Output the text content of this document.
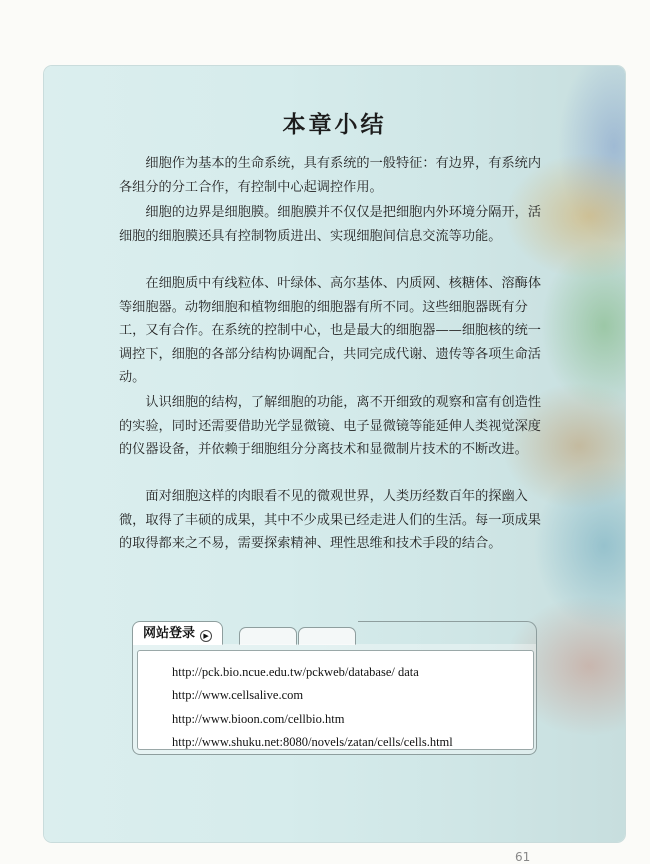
本章小结

细胞作为基本的生命系统，具有系统的一般特征：有边界，有系统内各组分的分工合作，有控制中心起调控作用。

细胞的边界是细胞膜。细胞膜并不仅仅是把细胞内外环境分隔开，活细胞的细胞膜还具有控制物质进出、实现细胞间信息交流等功能。

在细胞质中有线粒体、叶绿体、高尔基体、内质网、核糖体、溶酶体等细胞器。动物细胞和植物细胞的细胞器有所不同。这些细胞器既有分工，又有合作。在系统的控制中心，也是最大的细胞器——细胞核的统一调控下，细胞的各部分结构协调配合，共同完成代谢、遗传等各项生命活动。

认识细胞的结构，了解细胞的功能，离不开细致的观察和富有创造性的实验，同时还需要借助光学显微镜、电子显微镜等能延伸人类视觉深度的仪器设备，并依赖于细胞组分分离技术和显微制片技术的不断改进。

面对细胞这样的肉眼看不见的微观世界，人类历经数百年的探幽入微，取得了丰硕的成果，其中不少成果已经走进人们的生活。每一项成果的取得都来之不易，需要探索精神、理性思维和技术手段的结合。

网站登录 ▶
http://pck.bio.ncue.edu.tw/pckweb/database/ data
http://www.cellsalive.com
http://www.bioon.com/cellbio.htm
http://www.shuku.net:8080/novels/zatan/cells/cells.html
61
